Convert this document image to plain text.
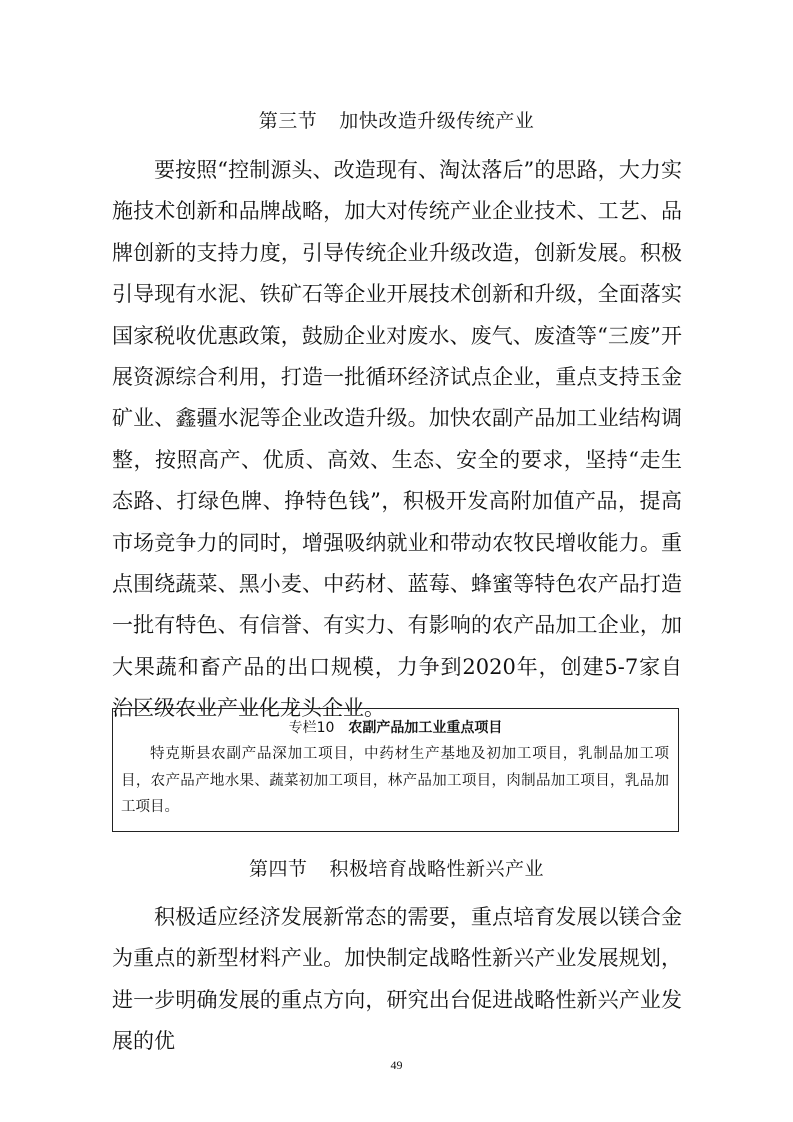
第三节 加快改造升级传统产业

要按照“控制源头、改造现有、淘汰落后”的思路，大力实施技术创新和品牌战略，加大对传统产业企业技术、工艺、品牌创新的支持力度，引导传统企业升级改造，创新发展。积极引导现有水泥、铁矿石等企业开展技术创新和升级，全面落实国家税收优惠政策，鼓励企业对废水、废气、废渣等“三废”开展资源综合利用，打造一批循环经济试点企业，重点支持玉金矿业、鑫疆水泥等企业改造升级。加快农副产品加工业结构调整，按照高产、优质、高效、生态、安全的要求，坚持“走生态路、打绿色牌、挣特色钱”，积极开发高附加值产品，提高市场竞争力的同时，增强吸纳就业和带动农牧民增收能力。重点围绕蔬菜、黑小麦、中药材、蓝莓、蜂蜜等特色农产品打造一批有特色、有信誉、有实力、有影响的农产品加工企业，加大果蔬和畜产品的出口规模，力争到2020年，创建5-7家自治区级农业产业化龙头企业。

专栏10 农副产品加工业重点项目

特克斯县农副产品深加工项目，中药材生产基地及初加工项目，乳制品加工项目，农产品产地水果、蔬菜初加工项目，林产品加工项目，肉制品加工项目，乳品加工项目。

第四节 积极培育战略性新兴产业

积极适应经济发展新常态的需要，重点培育发展以镁合金为重点的新型材料产业。加快制定战略性新兴产业发展规划，进一步明确发展的重点方向，研究出台促进战略性新兴产业发展的优

49
